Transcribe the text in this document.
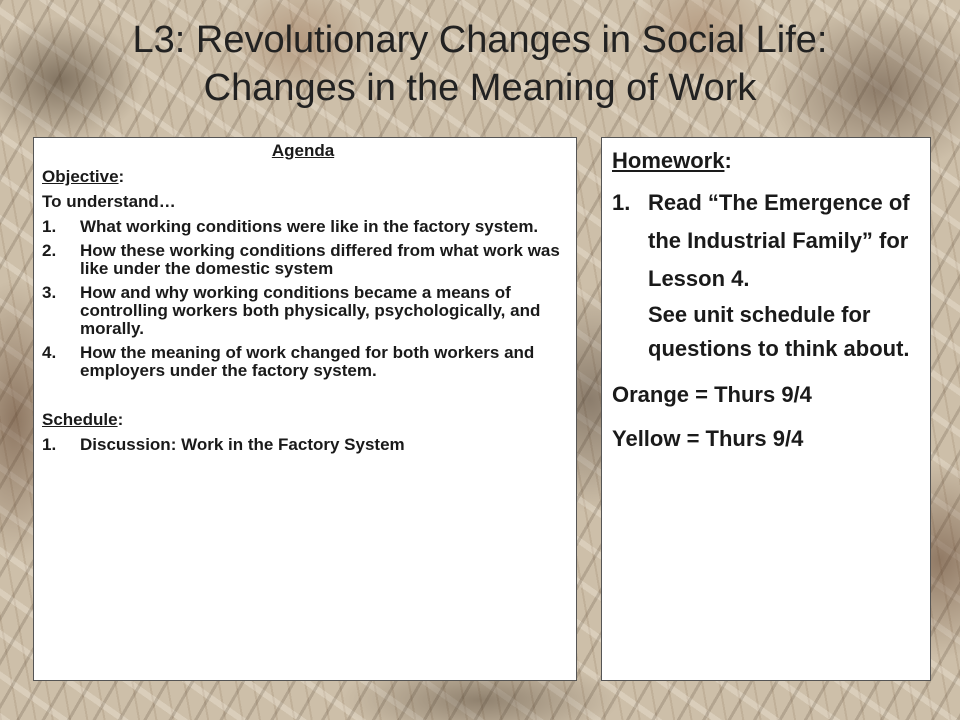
L3: Revolutionary Changes in Social Life:
Changes in the Meaning of Work

Agenda

Objective:

To understand…

1. What working conditions were like in the factory system.
2. How these working conditions differed from what work was like under the domestic system
3. How and why working conditions became a means of controlling workers both physically, psychologically, and morally.
4. How the meaning of work changed for both workers and employers under the factory system.

Schedule:

1. Discussion: Work in the Factory System

Homework:

1. Read “The Emergence of the Industrial Family” for Lesson 4.
See unit schedule for questions to think about.

Orange = Thurs 9/4

Yellow = Thurs 9/4
